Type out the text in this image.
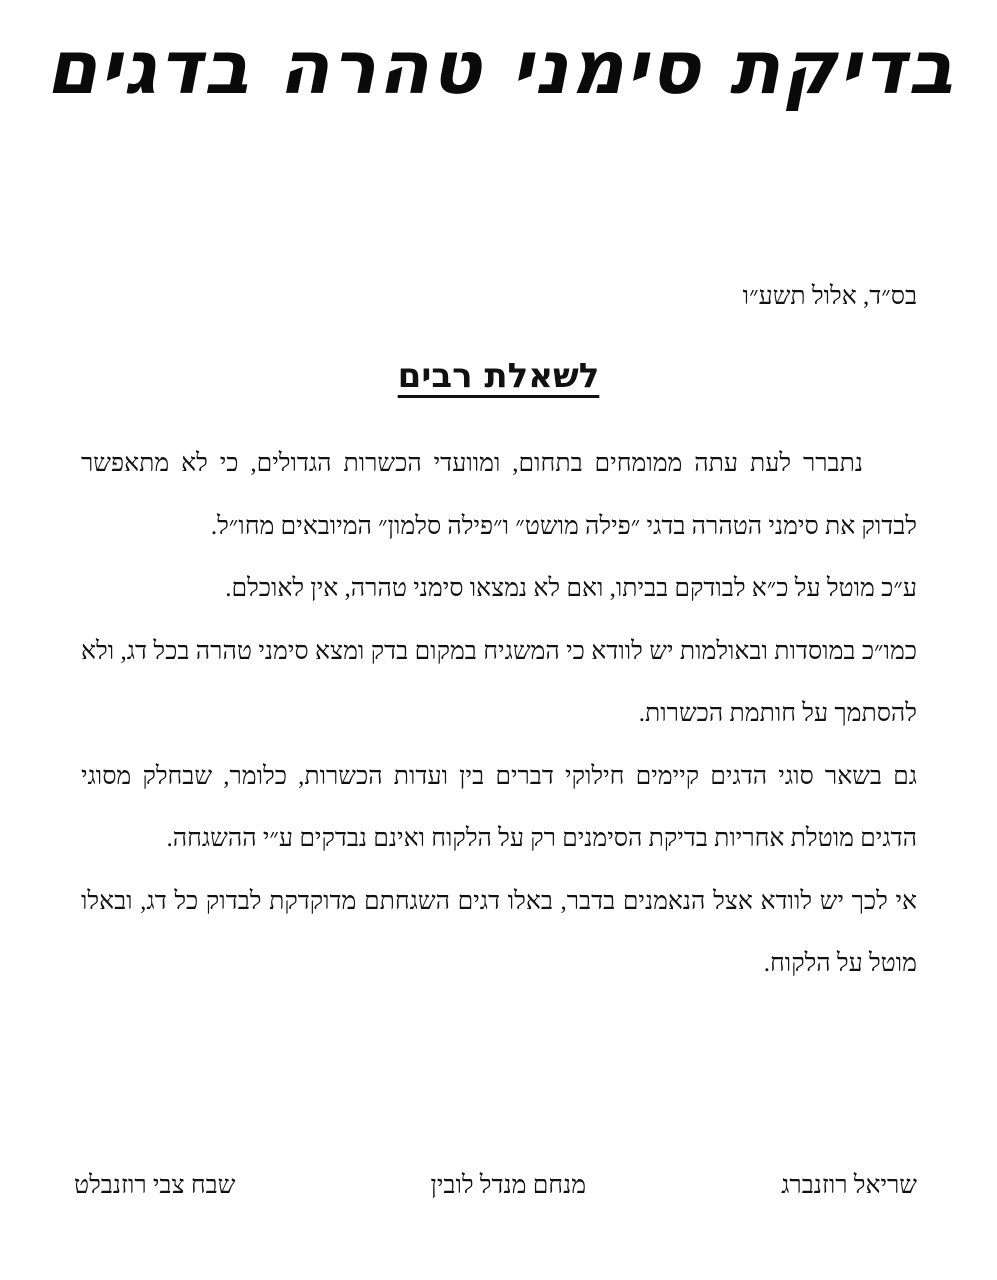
בדיקת סימני טהרה בדגים
בס״ד, אלול תשע״ו
לשאלת רבים

נתברר לעת עתה ממומחים בתחום, ומוועדי הכשרות הגדולים, כי לא מתאפשר לבדוק את סימני הטהרה בדגי ״פילה מושט״ ו״פילה סלמון״ המיובאים מחו״ל.

ע״כ מוטל על כ״א לבודקם בביתו, ואם לא נמצאו סימני טהרה, אין לאוכלם.

כמו״כ במוסדות ובאולמות יש לוודא כי המשגיח במקום בדק ומצא סימני טהרה בכל דג, ולא להסתמך על חותמת הכשרות.

גם בשאר סוגי הדגים קיימים חילוקי דברים בין ועדות הכשרות, כלומר, שבחלק מסוגי הדגים מוטלת אחריות בדיקת הסימנים רק על הלקוח ואינם נבדקים ע״י ההשגחה.

אי לכך יש לוודא אצל הנאמנים בדבר, באלו דגים השגחתם מדוקדקת לבדוק כל דג, ובאלו מוטל על הלקוח.

שריאל רוזנברג
מנחם מנדל לובין
שבח צבי רוזנבלט
